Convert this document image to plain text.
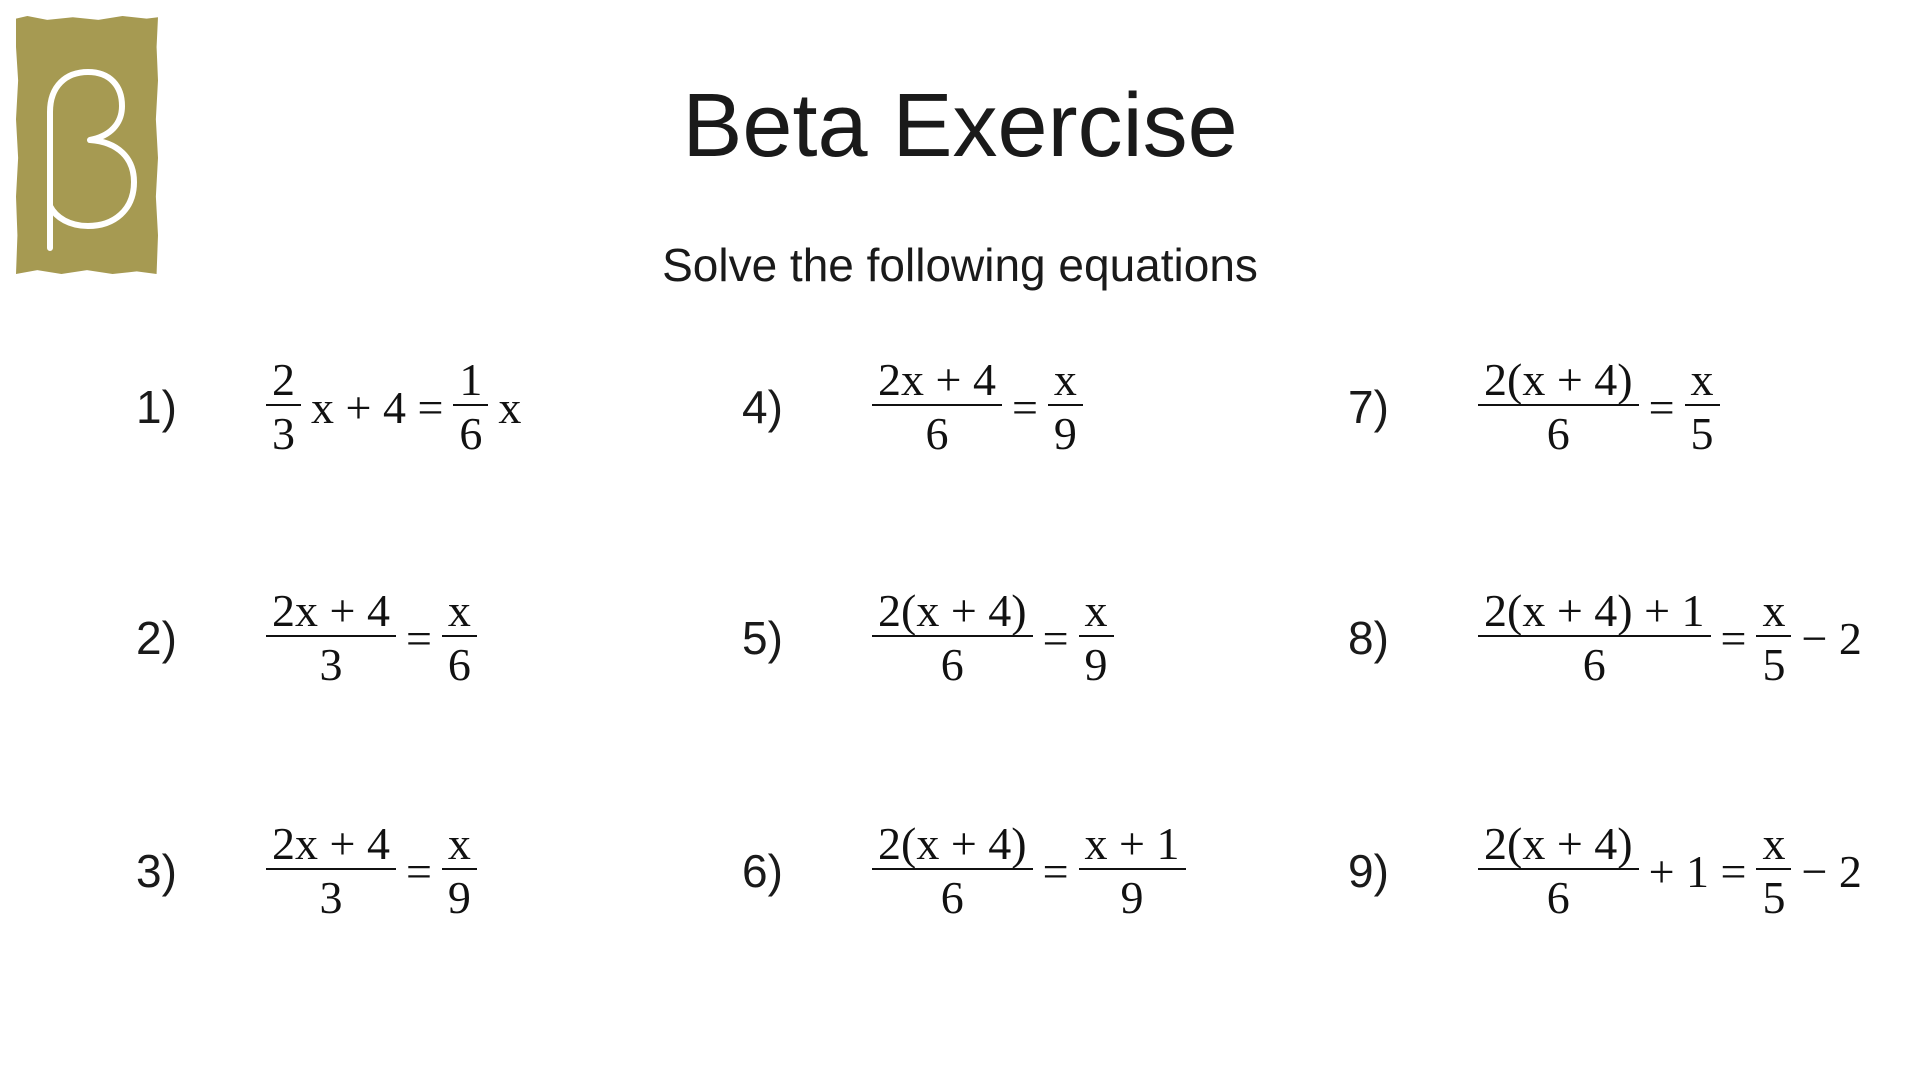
Beta Exercise
Solve the following equations
1)	$\frac{2}{3}$ $x + 4 = \frac{1}{6}$ x
2)	$\frac{2x + 4}{3} = \frac{x}{6}$
3)	$\frac{2x + 4}{3} = \frac{x}{9}$
4)	$\frac{2x + 4}{6} = \frac{x}{9}$
5)	$\frac{2(x + 4)}{6} = \frac{x}{9}$
6)	$\frac{2(x + 4)}{6} = \frac{x + 1}{9}$
7)	$\frac{2(x + 4)}{6} = \frac{x}{5}$
8)	$\frac{2(x + 4) + 1}{6} = \frac{x}{5} - 2$
9)	$\frac{2(x + 4)}{6} + 1 = \frac{x}{5} - 2$
